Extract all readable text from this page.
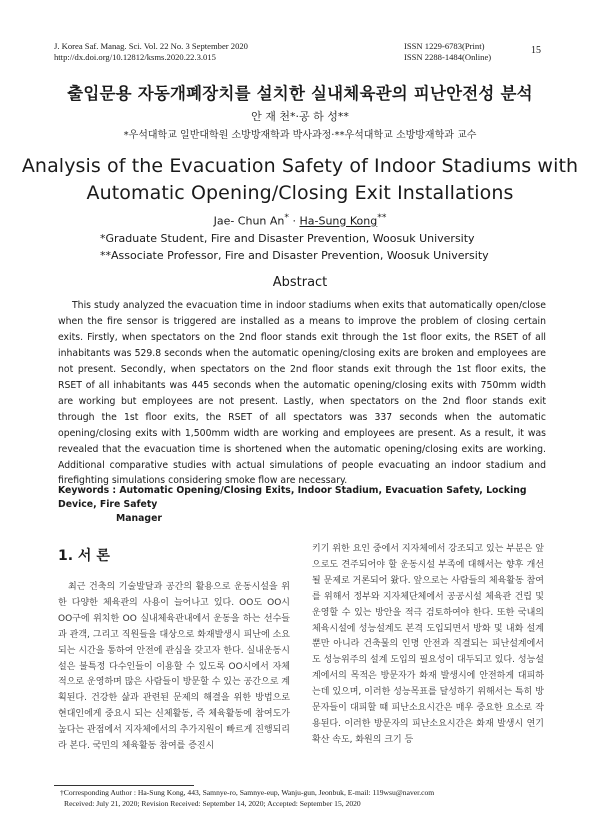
J. Korea Saf. Manag. Sci. Vol. 22 No. 3 September 2020
http://dx.doi.org/10.12812/ksms.2020.22.3.015
ISSN 1229-6783(Print)
ISSN 2288-1484(Online)
15
출입문용 자동개폐장치를 설치한 실내체육관의 피난안전성 분석
안 재 천*·공 하 성**
*우석대학교 일반대학원 소방방재학과 박사과정·**우석대학교 소방방재학과 교수
Analysis of the Evacuation Safety of Indoor Stadiums with
Automatic Opening/Closing Exit Installations
Jae- Chun An* · Ha-Sung Kong**
*Graduate Student, Fire and Disaster Prevention, Woosuk University
**Associate Professor, Fire and Disaster Prevention, Woosuk University
Abstract
This study analyzed the evacuation time in indoor stadiums when exits that automatically open/close when the fire sensor is triggered are installed as a means to improve the problem of closing certain exits. Firstly, when spectators on the 2nd floor stands exit through the 1st floor exits, the RSET of all inhabitants was 529.8 seconds when the automatic opening/closing exits are broken and employees are not present. Secondly, when spectators on the 2nd floor stands exit through the 1st floor exits, the RSET of all inhabitants was 445 seconds when the automatic opening/closing exits with 750mm width are working but employees are not present. Lastly, when spectators on the 2nd floor stands exit through the 1st floor exits, the RSET of all spectators was 337 seconds when the automatic opening/closing exits with 1,500mm width are working and employees are present. As a result, it was revealed that the evacuation time is shortened when the automatic opening/closing exits are working. Additional comparative studies with actual simulations of people evacuating an indoor stadium and firefighting simulations considering smoke flow are necessary.
Keywords : Automatic Opening/Closing Exits, Indoor Stadium, Evacuation Safety, Locking Device, Fire Safety
Manager
1. 서 론
최근 건축의 기술발달과 공간의 활용으로 운동시설을 위한 다양한 체육관의 사용이 늘어나고 있다. OO도 OO시 OO구에 위치한 OO 실내체육관내에서 운동을 하는 선수들과 관객, 그리고 직원들을 대상으로 화재발생시 피난에 소요되는 시간을 통하여 안전에 관심을 갖고자 한다. 실내운동시설은 불특정 다수인들이 이용할 수 있도록 OO시에서 자체적으로 운영하며 많은 사람들이 방문할 수 있는 공간으로 계획된다. 건강한 삶과 관련된 문제의 해결을 위한 방법으로 현대인에게 중요시 되는 신체활동, 즉 체육활동에 참여도가 높다는 관점에서 지자체에서의 추가지원이 빠르게 진행되리라 본다. 국민의 체육활동 참여를 증진시
키기 위한 요인 중에서 지자체에서 강조되고 있는 부분은 앞으로도 견주되어야 할 운동시설 부족에 대해서는 향후 개선될 문제로 거론되어 왔다. 앞으로는 사람들의 체육활동 참여를 위해서 정부와 지자체단체에서 공공시설 체육관 건립 및 운영할 수 있는 방안을 적극 검토하여야 한다. 또한 국내의 체육시설에 성능설계도 본격 도입되면서 방화 및 내화 설계뿐만 아니라 건축물의 인명 안전과 직결되는 피난설계에서도 성능위주의 설계 도입의 필요성이 대두되고 있다. 성능설계에서의 목적은 방문자가 화재 발생시에 안전하게 대피하는데 있으며, 이러한 성능목표를 달성하기 위해서는 특히 방문자들이 대피할 때 피난소요시간은 매우 중요한 요소로 작용된다. 이러한 방문자의 피난소요시간은 화재 발생시 연기 확산 속도, 화원의 크기 등
†Corresponding Author : Ha-Sung Kong, 443, Samnye-ro, Samnye-eup, Wanju-gun, Jeonbuk, E-mail: 119wsu@naver.com
Received: July 21, 2020; Revision Received: September 14, 2020; Accepted: September 15, 2020
